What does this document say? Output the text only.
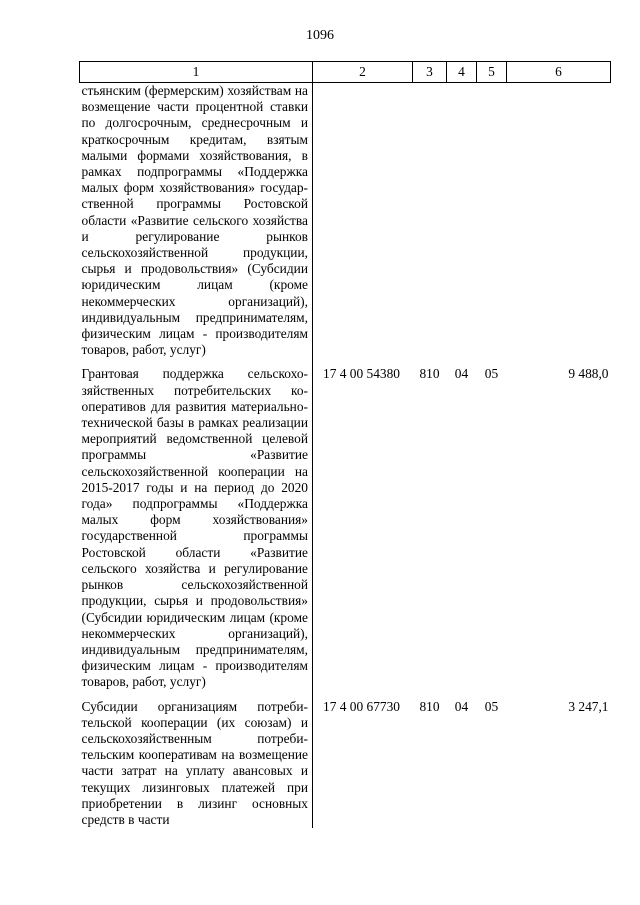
1096
1	2	3	4	5	6
стьянским (фермерским) хозяйствам на возмещение части процентной ставки по долгосрочным, среднесрочным и краткосрочным кредитам, взятым малыми формами хозяйствования, в рамках подпрограммы «Поддержка малых форм хозяйствования» государственной программы Ростовской области «Развитие сельского хозяйства и регулирование рынков сельскохозяйственной продукции, сырья и продовольствия» (Субсидии юридическим лицам (кроме некоммерческих организаций), индивидуальным предпринимателям, физическим лицам - производителям товаров, работ, услуг)					
Грантовая поддержка сельскохозяйственных потребительских кооперативов для развития материально-технической базы в рамках реализации мероприятий ведомственной целевой программы «Развитие сельскохозяйственной кооперации на 2015-2017 годы и на период до 2020 года» подпрограммы «Поддержка малых форм хозяйствования» государственной программы Ростовской области «Развитие сельского хозяйства и регулирование рынков сельскохозяйственной продукции, сырья и продовольствия» (Субсидии юридическим лицам (кроме некоммерческих организаций), индивидуальным предпринимателям, физическим лицам - производителям товаров, работ, услуг)	17 4 00 54380	810	04	05	9 488,0
Субсидии организациям потребительской кооперации (их союзам) и сельскохозяйственным потребительским кооперативам на возмещение части затрат на уплату авансовых и текущих лизинговых платежей при приобретении в лизинг основных средств в части	17 4 00 67730	810	04	05	3 247,1
